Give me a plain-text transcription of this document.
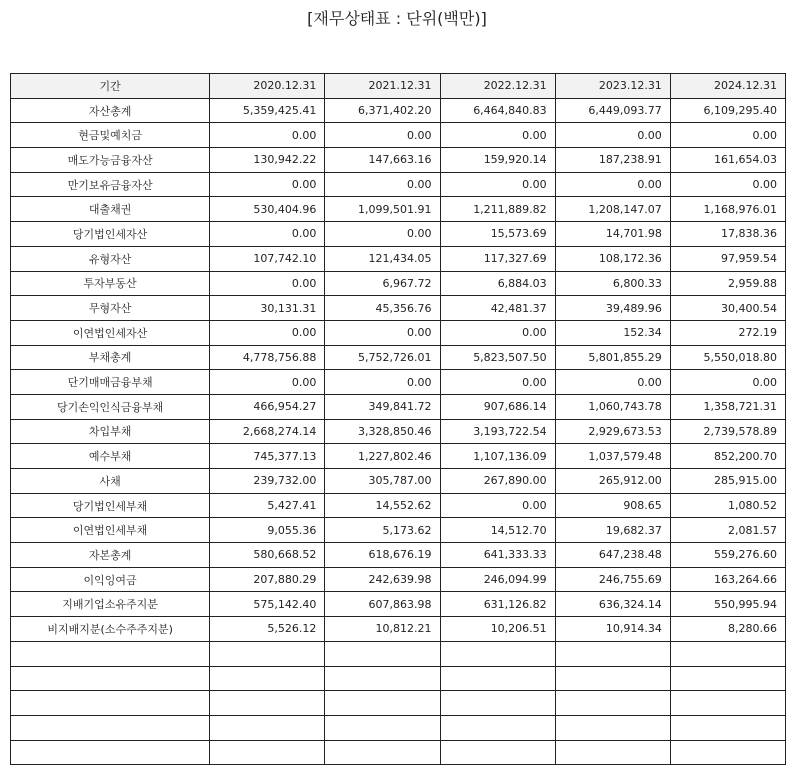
[재무상태표 : 단위(백만)]
기간	2020.12.31	2021.12.31	2022.12.31	2023.12.31	2024.12.31
자산총계	5,359,425.41	6,371,402.20	6,464,840.83	6,449,093.77	6,109,295.40
현금및예치금	0.00	0.00	0.00	0.00	0.00
매도가능금융자산	130,942.22	147,663.16	159,920.14	187,238.91	161,654.03
만기보유금융자산	0.00	0.00	0.00	0.00	0.00
대출채권	530,404.96	1,099,501.91	1,211,889.82	1,208,147.07	1,168,976.01
당기법인세자산	0.00	0.00	15,573.69	14,701.98	17,838.36
유형자산	107,742.10	121,434.05	117,327.69	108,172.36	97,959.54
투자부동산	0.00	6,967.72	6,884.03	6,800.33	2,959.88
무형자산	30,131.31	45,356.76	42,481.37	39,489.96	30,400.54
이연법인세자산	0.00	0.00	0.00	152.34	272.19
부채총계	4,778,756.88	5,752,726.01	5,823,507.50	5,801,855.29	5,550,018.80
단기매매금융부채	0.00	0.00	0.00	0.00	0.00
당기손익인식금융부채	466,954.27	349,841.72	907,686.14	1,060,743.78	1,358,721.31
차입부채	2,668,274.14	3,328,850.46	3,193,722.54	2,929,673.53	2,739,578.89
예수부채	745,377.13	1,227,802.46	1,107,136.09	1,037,579.48	852,200.70
사채	239,732.00	305,787.00	267,890.00	265,912.00	285,915.00
당기법인세부채	5,427.41	14,552.62	0.00	908.65	1,080.52
이연법인세부채	9,055.36	5,173.62	14,512.70	19,682.37	2,081.57
자본총계	580,668.52	618,676.19	641,333.33	647,238.48	559,276.60
이익잉여금	207,880.29	242,639.98	246,094.99	246,755.69	163,264.66
지배기업소유주지분	575,142.40	607,863.98	631,126.82	636,324.14	550,995.94
비지배지분(소수주주지분)	5,526.12	10,812.21	10,206.51	10,914.34	8,280.66
